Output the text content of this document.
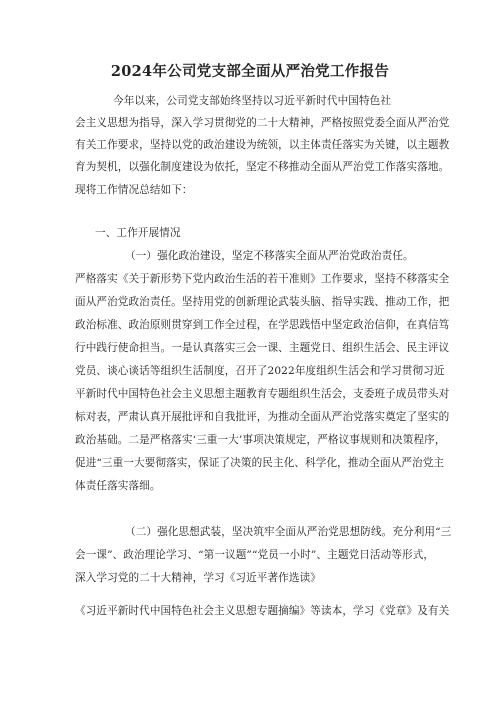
2024年公司党支部全面从严治党工作报告
今年以来，公司党支部始终坚持以习近平新时代中国特色社
会主义思想为指导，深入学习贯彻党的二十大精神，严格按照党委全面从严治党
有关工作要求，坚持以党的政治建设为统领，以主体责任落实为关键，以主题教
育为契机，以强化制度建设为依托，坚定不移推动全面从严治党工作落实落地。
现将工作情况总结如下：
一、工作开展情况
（一）强化政治建设，坚定不移落实全面从严治党政治责任。
严格落实《关于新形势下党内政治生活的若干准则》工作要求，坚持不移落实全
面从严治党政治责任。坚持用党的创新理论武装头脑、指导实践、推动工作，把
政治标准、政治原则贯穿到工作全过程，在学思践悟中坚定政治信仰，在真信笃
行中践行使命担当。一是认真落实三会一课、主题党日、组织生活会、民主评议
党员、谈心谈话等组织生活制度，召开了2022年度组织生活会和学习贯彻习近
平新时代中国特色社会主义思想主题教育专题组织生活会，支委班子成员带头对
标对表，严肃认真开展批评和自我批评，为推动全面从严治党落实奠定了坚实的
政治基础。二是严格落实‘三重一大’事项决策规定，严格议事规则和决策程序，
促进“三重一大要彻落实，保证了决策的民主化、科学化，推动全面从严治党主
体责任落实落细。
（二）强化思想武装，坚决筑牢全面从严治党思想防线。充分利用“三
会一课”、政治理论学习、“第一议题”“党员一小时”、主题党日活动等形式，
深入学习党的二十大精神，学习《习近平著作选读》
《习近平新时代中国特色社会主义思想专题摘编》等读本，学习《党章》及有关
